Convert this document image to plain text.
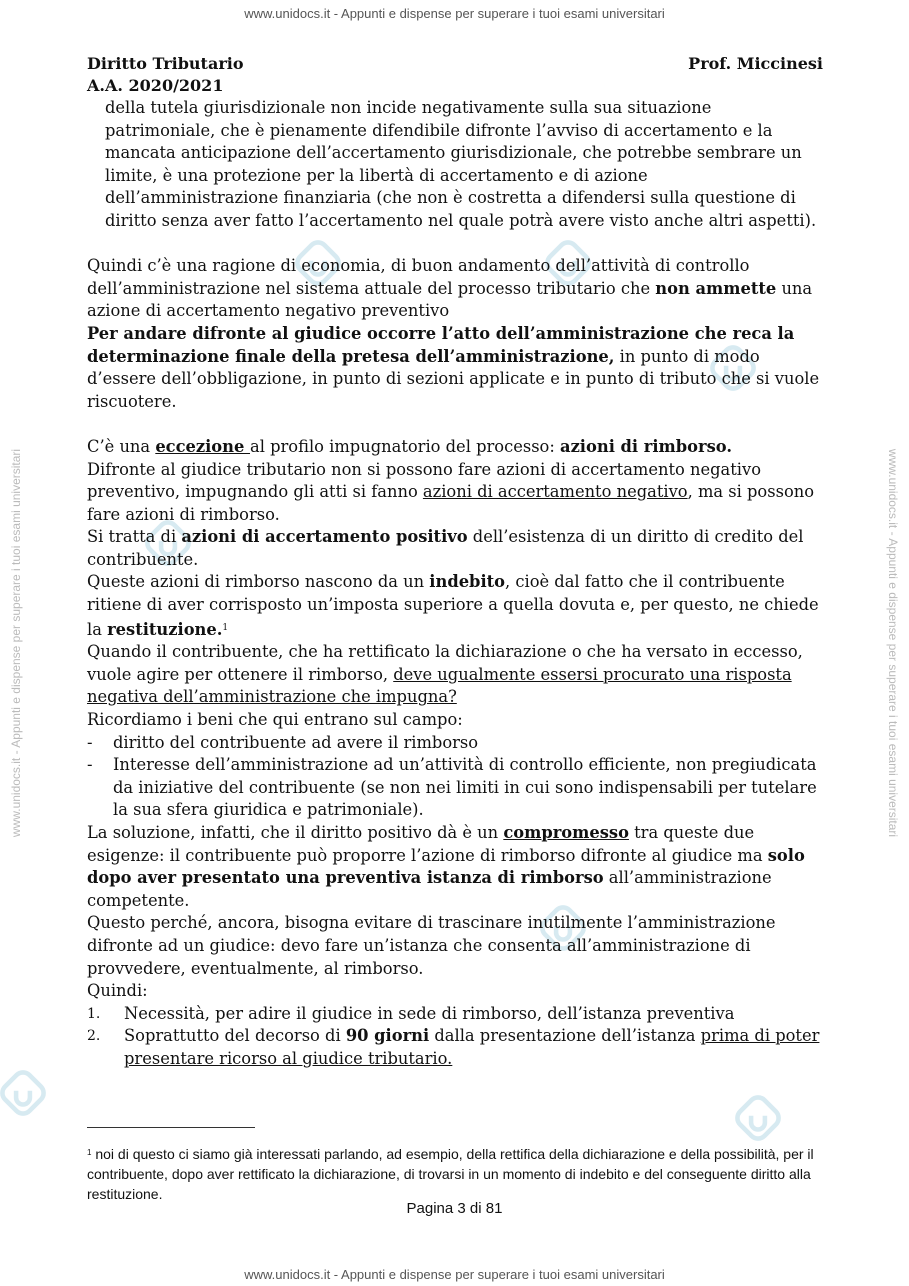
www.unidocs.it - Appunti e dispense per superare i tuoi esami universitari
www.unidocs.it - Appunti e dispense per superare i tuoi esami universitari
www.unidocs.it - Appunti e dispense per superare i tuoi esami universitari	www.unidocs.it - Appunti e dispense per superare i tuoi esami universitari
Diritto Tributario	Prof. Miccinesi
A.A. 2020/2021

della tutela giurisdizionale non incide negativamente sulla sua situazione patrimoniale, che è pienamente difendibile difronte l’avviso di accertamento e la mancata anticipazione dell’accertamento giurisdizionale, che potrebbe sembrare un limite, è una protezione per la libertà di accertamento e di azione dell’amministrazione finanziaria (che non è costretta a difendersi sulla questione di diritto senza aver fatto l’accertamento nel quale potrà avere visto anche altri aspetti).

Quindi c’è una ragione di economia, di buon andamento dell’attività di controllo dell’amministrazione nel sistema attuale del processo tributario che non ammette una azione di accertamento negativo preventivo

Per andare difronte al giudice occorre l’atto dell’amministrazione che reca la determinazione finale della pretesa dell’amministrazione, in punto di modo d’essere dell’obbligazione, in punto di sezioni applicate e in punto di tributo che si vuole riscuotere.

C’è una eccezione al profilo impugnatorio del processo: azioni di rimborso.

Difronte al giudice tributario non si possono fare azioni di accertamento negativo preventivo, impugnando gli atti si fanno azioni di accertamento negativo, ma si possono fare azioni di rimborso.

Si tratta di azioni di accertamento positivo dell’esistenza di un diritto di credito del contribuente.

Queste azioni di rimborso nascono da un indebito, cioè dal fatto che il contribuente ritiene di aver corrisposto un’imposta superiore a quella dovuta e, per questo, ne chiede la restituzione.$^1$

Quando il contribuente, che ha rettificato la dichiarazione o che ha versato in eccesso, vuole agire per ottenere il rimborso, deve ugualmente essersi procurato una risposta negativa dell’amministrazione che impugna?

Ricordiamo i beni che qui entrano sul campo:

- diritto del contribuente ad avere il rimborso
- Interesse dell’amministrazione ad un’attività di controllo efficiente, non pregiudicata da iniziative del contribuente (se non nei limiti in cui sono indispensabili per tutelare la sua sfera giuridica e patrimoniale).

La soluzione, infatti, che il diritto positivo dà è un compromesso tra queste due esigenze: il contribuente può proporre l’azione di rimborso difronte al giudice ma solo dopo aver presentato una preventiva istanza di rimborso all’amministrazione competente.

Questo perché, ancora, bisogna evitare di trascinare inutilmente l’amministrazione difronte ad un giudice: devo fare un’istanza che consenta all’amministrazione di provvedere, eventualmente, al rimborso.

Quindi:

1. Necessità, per adire il giudice in sede di rimborso, dell’istanza preventiva
2. Soprattutto del decorso di 90 giorni dalla presentazione dell’istanza prima di poter presentare ricorso al giudice tributario.
$^1$ noi di questo ci siamo già interessati parlando, ad esempio, della rettifica della dichiarazione e della possibilità, per il contribuente, dopo aver rettificato la dichiarazione, di trovarsi in un momento di indebito e del conseguente diritto alla restituzione.
Pagina 3 di 81
